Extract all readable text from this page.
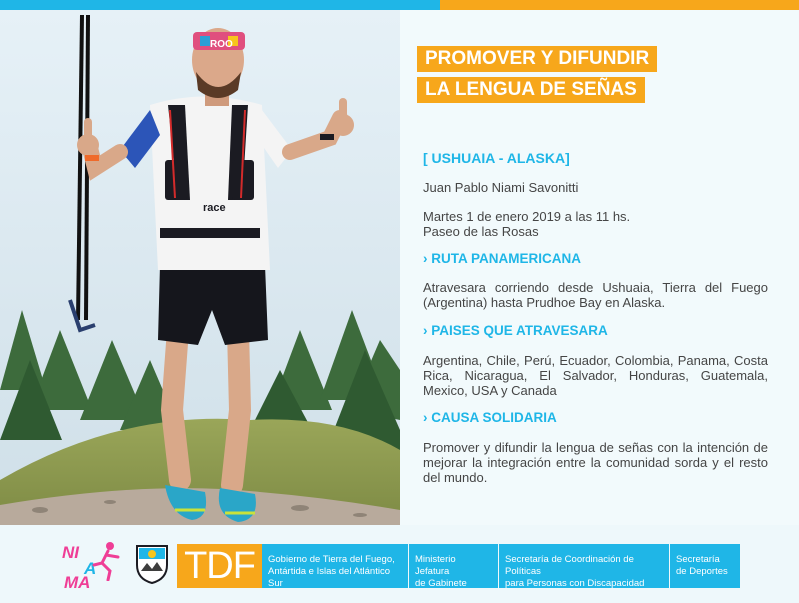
race
ROO
PROMOVER Y DIFUNDIR
LA LENGUA DE SEÑAS
[ USHUAIA - ALASKA]
Juan Pablo Niami Savonitti
Martes 1 de enero 2019 a las 11 hs.
Paseo de las Rosas
› RUTA PANAMERICANA
Atravesara corriendo desde Ushuaia, Tierra del Fuego (Argentina) hasta Prudhoe Bay en Alaska.
› PAISES QUE ATRAVESARA
Argentina, Chile, Perú, Ecuador, Colombia, Panama, Costa Rica, Nicaragua, El Salvador, Honduras, Guatemala, Mexico, USA y Canada
› CAUSA SOLIDARIA
Promover y difundir la lengua de señas con la intención de mejorar la integración entre la comunidad sorda y el resto del mundo.
NI
A
MA TDF	Gobierno de Tierra del Fuego,
Antártida e Islas del Atlántico Sur
Ministerio Jefatura
de Gabinete
Secretaría de Coordinación de Políticas
para Personas con Discapacidad
Secretaría
de Deportes
